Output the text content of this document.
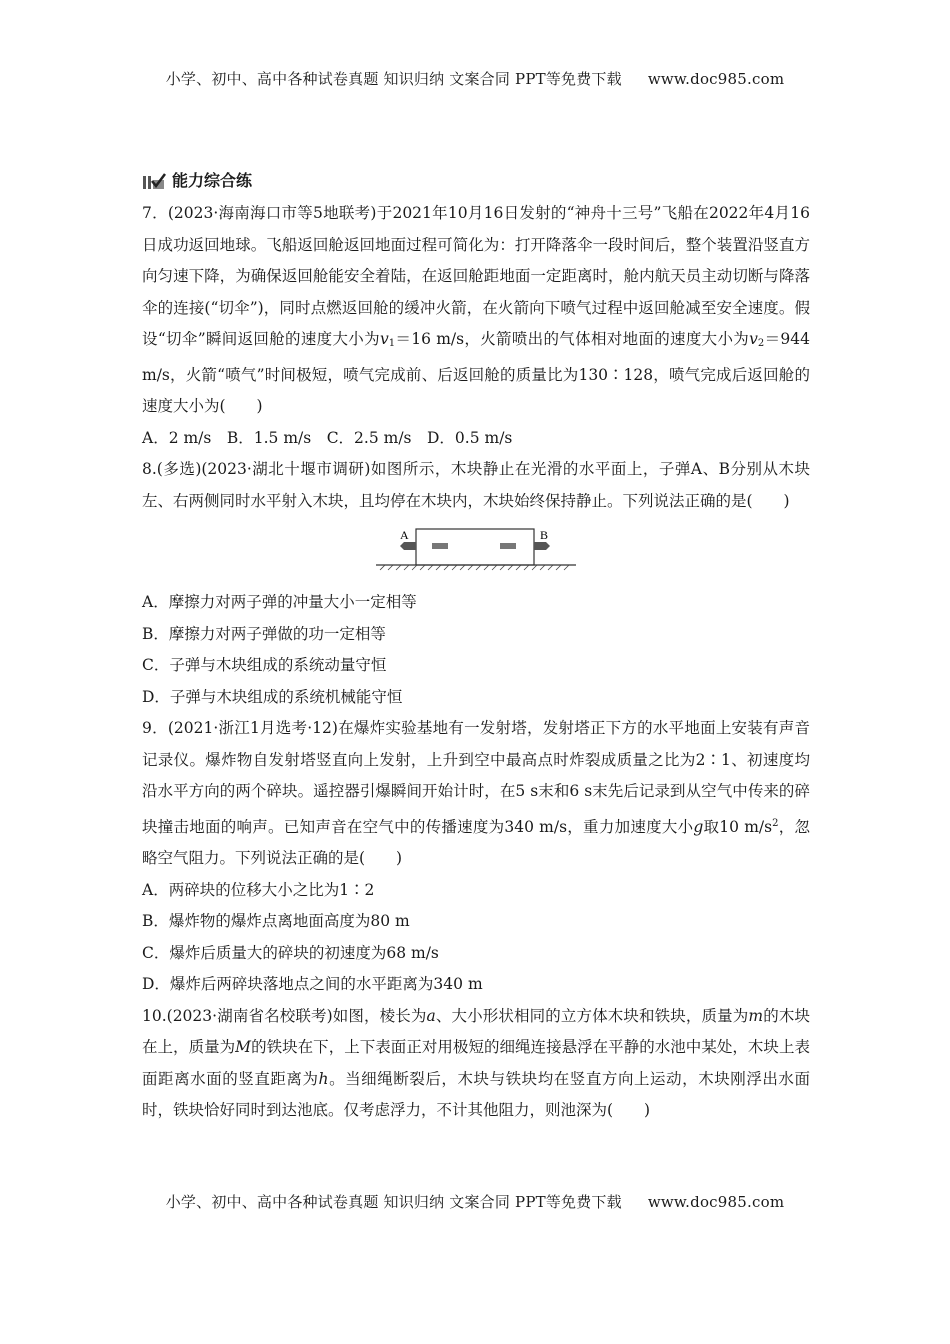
小学、初中、高中各种试卷真题 知识归纳 文案合同 PPT等免费下载 www.doc985.com
能力综合练

7．(2023·海南海口市等5地联考)于2021年10月16日发射的“神舟十三号”飞船在2022年4月16日成功返回地球。飞船返回舱返回地面过程可简化为：打开降落伞一段时间后，整个装置沿竖直方向匀速下降，为确保返回舱能安全着陆，在返回舱距地面一定距离时，舱内航天员主动切断与降落伞的连接(“切伞”)，同时点燃返回舱的缓冲火箭，在火箭向下喷气过程中返回舱减至安全速度。假设“切伞”瞬间返回舱的速度大小为$v_1=16$ m/s，火箭喷出的气体相对地面的速度大小为$v_2=944$ m/s，火箭“喷气”时间极短，喷气完成前、后返回舱的质量比为130∶128，喷气完成后返回舱的速度大小为(　　)

A．2 m/s　B．1.5 m/s　C．2.5 m/s　D．0.5 m/s

8.(多选)(2023·湖北十堰市调研)如图所示，木块静止在光滑的水平面上，子弹A、B分别从木块左、右两侧同时水平射入木块，且均停在木块内，木块始终保持静止。下列说法正确的是(　　)

A	B

A．摩擦力对两子弹的冲量大小一定相等

B．摩擦力对两子弹做的功一定相等

C．子弹与木块组成的系统动量守恒

D．子弹与木块组成的系统机械能守恒

9．(2021·浙江1月选考·12)在爆炸实验基地有一发射塔，发射塔正下方的水平地面上安装有声音记录仪。爆炸物自发射塔竖直向上发射，上升到空中最高点时炸裂成质量之比为2∶1、初速度均沿水平方向的两个碎块。遥控器引爆瞬间开始计时，在5 s末和6 s末先后记录到从空气中传来的碎块撞击地面的响声。已知声音在空气中的传播速度为340 m/s，重力加速度大小g取10 $m/s^2$，忽略空气阻力。下列说法正确的是(　　)

A．两碎块的位移大小之比为1∶2

B．爆炸物的爆炸点离地面高度为80 m

C．爆炸后质量大的碎块的初速度为68 m/s

D．爆炸后两碎块落地点之间的水平距离为340 m

10.(2023·湖南省名校联考)如图，棱长为a、大小形状相同的立方体木块和铁块，质量为m的木块在上，质量为M的铁块在下，上下表面正对用极短的细绳连接悬浮在平静的水池中某处，木块上表面距离水面的竖直距离为h。当细绳断裂后，木块与铁块均在竖直方向上运动，木块刚浮出水面时，铁块恰好同时到达池底。仅考虑浮力，不计其他阻力，则池深为(　　)

小学、初中、高中各种试卷真题 知识归纳 文案合同 PPT等免费下载 www.doc985.com
